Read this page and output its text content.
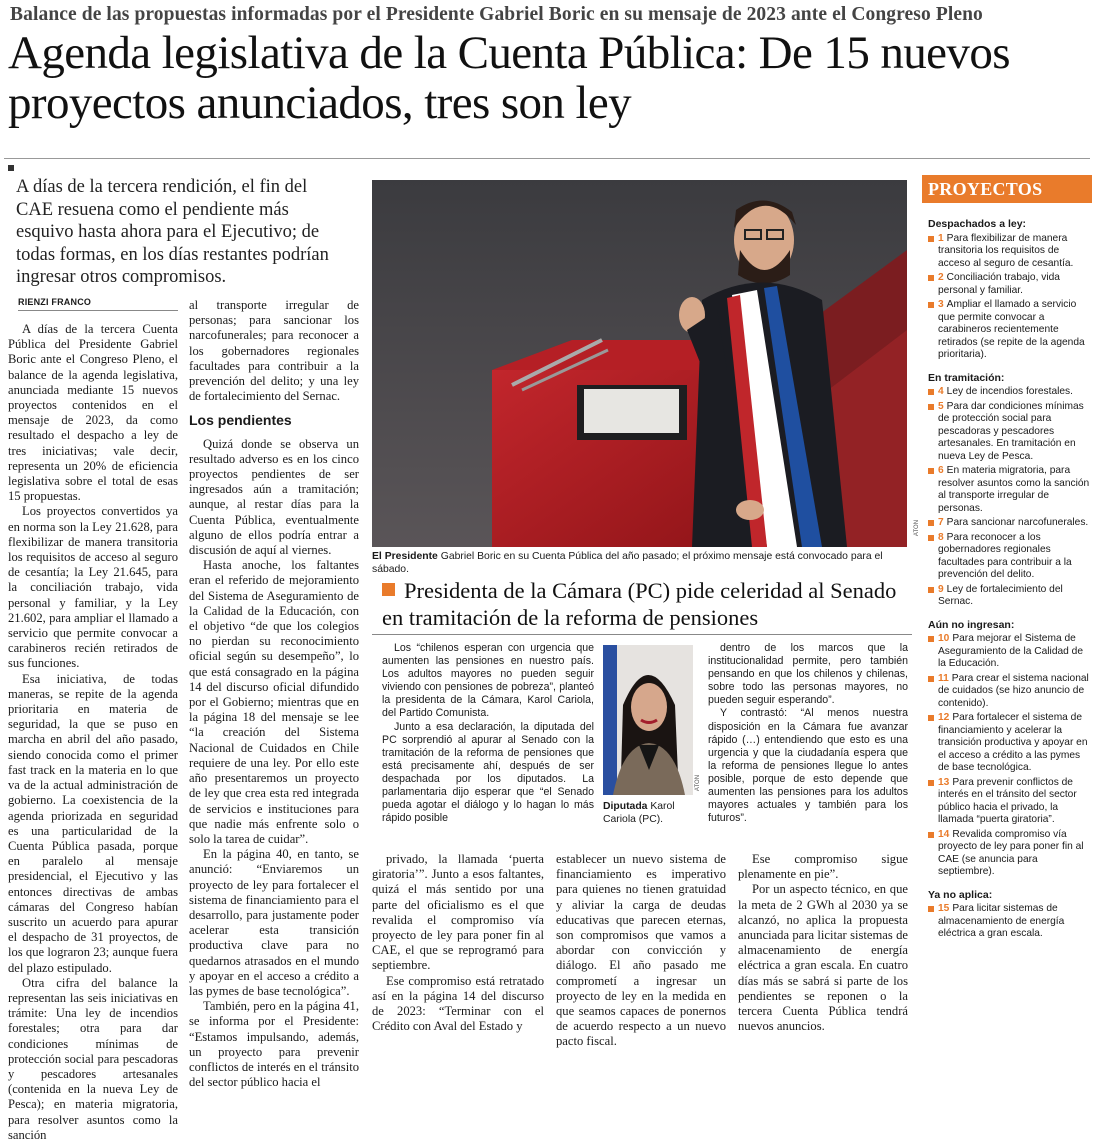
Balance de las propuestas informadas por el Presidente Gabriel Boric en su mensaje de 2023 ante el Congreso Pleno
Agenda legislativa de la Cuenta Pública: De 15 nuevos proyectos anunciados, tres son ley
A días de la tercera rendición, el fin del CAE resuena como el pendiente más esquivo hasta ahora para el Ejecutivo; de todas formas, en los días restantes podrían ingresar otros compromisos.
RIENZI FRANCO

A días de la tercera Cuenta Pública del Presidente Gabriel Boric ante el Congreso Pleno, el balance de la agenda legislativa, anunciada mediante 15 nuevos proyectos contenidos en el mensaje de 2023, da como resultado el despacho a ley de tres iniciativas; vale decir, representa un 20% de eficiencia legislativa sobre el total de esas 15 propuestas.

Los proyectos convertidos ya en norma son la Ley 21.628, para flexibilizar de manera transitoria los requisitos de acceso al seguro de cesantía; la Ley 21.645, para la conciliación trabajo, vida personal y familiar, y la Ley 21.602, para ampliar el llamado a servicio que permite convocar a carabineros recién retirados de sus funciones.

Esa iniciativa, de todas maneras, se repite de la agenda prioritaria en materia de seguridad, la que se puso en marcha en abril del año pasado, siendo conocida como el primer fast track en la materia en lo que va de la actual administración de gobierno. La coexistencia de la agenda priorizada en seguridad es una particularidad de la Cuenta Pública pasada, porque en paralelo al mensaje presidencial, el Ejecutivo y las entonces directivas de ambas cámaras del Congreso habían suscrito un acuerdo para apurar el despacho de 31 proyectos, de los que lograron 23; aunque fuera del plazo estipulado.

Otra cifra del balance la representan las seis iniciativas en trámite: Una ley de incendios forestales; otra para dar condiciones mínimas de protección social para pescadoras y pescadores artesanales (contenida en la nueva Ley de Pesca); en materia migratoria, para resolver asuntos como la sanción

al transporte irregular de personas; para sancionar los narcofunerales; para reconocer a los gobernadores regionales facultades para contribuir a la prevención del delito; y una ley de fortalecimiento del Sernac.

Los pendientes

Quizá donde se observa un resultado adverso es en los cinco proyectos pendientes de ser ingresados aún a tramitación; aunque, al restar días para la Cuenta Pública, eventualmente alguno de ellos podría entrar a discusión de aquí al viernes.

Hasta anoche, los faltantes eran el referido de mejoramiento del Sistema de Aseguramiento de la Calidad de la Educación, con el objetivo “de que los colegios no pierdan su reconocimiento oficial según su desempeño”, lo que está consagrado en la página 14 del discurso oficial difundido por el Gobierno; mientras que en la página 18 del mensaje se lee “la creación del Sistema Nacional de Cuidados en Chile requiere de una ley. Por ello este año presentaremos un proyecto de ley que crea esta red integrada de servicios e instituciones para que nadie más enfrente solo o solo la tarea de cuidar”.

En la página 40, en tanto, se anunció: “Enviaremos un proyecto de ley para fortalecer el sistema de financiamiento para el desarrollo, para justamente poder acelerar esta transición productiva clave para no quedarnos atrasados en el mundo y apoyar en el acceso a crédito a las pymes de base tecnológica”.

También, pero en la página 41, se informa por el Presidente: “Estamos impulsando, además, un proyecto para prevenir conflictos de interés en el tránsito del sector público hacia el

ATON
El Presidente Gabriel Boric en su Cuenta Pública del año pasado; el próximo mensaje está convocado para el sábado.
Presidenta de la Cámara (PC) pide celeridad al Senado en tramitación de la reforma de pensiones

Los “chilenos esperan con urgencia que aumenten las pensiones en nuestro país. Los adultos mayores no pueden seguir viviendo con pensiones de pobreza”, planteó la presidenta de la Cámara, Karol Cariola, del Partido Comunista.

Junto a esa declaración, la diputada del PC sorprendió al apurar al Senado con la tramitación de la reforma de pensiones que está precisamente ahí, después de ser despachada por los diputados. La parlamentaria dijo esperar que “el Senado pueda agotar el diálogo y lo hagan lo más rápido posible

ATON
Diputada Karol Cariola (PC).

dentro de los marcos que la institucionalidad permite, pero también pensando en que los chilenos y chilenas, sobre todo las personas mayores, no pueden seguir esperando”.

Y contrastó: “Al menos nuestra disposición en la Cámara fue avanzar rápido (…) entendiendo que esto es una urgencia y que la ciudadanía espera que la reforma de pensiones llegue lo antes posible, porque de esto depende que aumenten las pensiones para los adultos mayores actuales y también para los futuros”.

privado, la llamada ‘puerta giratoria’”. Junto a esos faltantes, quizá el más sentido por una parte del oficialismo es el que revalida el compromiso vía proyecto de ley para poner fin al CAE, el que se reprogramó para septiembre.

Ese compromiso está retratado así en la página 14 del discurso de 2023: “Terminar con el Crédito con Aval del Estado y

establecer un nuevo sistema de financiamiento es imperativo para quienes no tienen gratuidad y aliviar la carga de deudas educativas que parecen eternas, son compromisos que vamos a abordar con convicción y diálogo. El año pasado me comprometí a ingresar un proyecto de ley en la medida en que seamos capaces de ponernos de acuerdo respecto a un nuevo pacto fiscal.

Ese compromiso sigue plenamente en pie”.

Por un aspecto técnico, en que la meta de 2 GWh al 2030 ya se alcanzó, no aplica la propuesta anunciada para licitar sistemas de almacenamiento de energía eléctrica a gran escala. En cuatro días más se sabrá si parte de los pendientes se reponen o la tercera Cuenta Pública tendrá nuevos anuncios.

PROYECTOS
Despachados a ley:
1 Para flexibilizar de manera transitoria los requisitos de acceso al seguro de cesantía.
2 Conciliación trabajo, vida personal y familiar.
3 Ampliar el llamado a servicio que permite convocar a carabineros recientemente retirados (se repite de la agenda prioritaria).
En tramitación:
4 Ley de incendios forestales.
5 Para dar condiciones mínimas de protección social para pescadoras y pescadores artesanales. En tramitación en nueva Ley de Pesca.
6 En materia migratoria, para resolver asuntos como la sanción al transporte irregular de personas.
7 Para sancionar narcofunerales.
8 Para reconocer a los gobernadores regionales facultades para contribuir a la prevención del delito.
9 Ley de fortalecimiento del Sernac.
Aún no ingresan:
10 Para mejorar el Sistema de Aseguramiento de la Calidad de la Educación.
11 Para crear el sistema nacional de cuidados (se hizo anuncio de contenido).
12 Para fortalecer el sistema de financiamiento y acelerar la transición productiva y apoyar en el acceso a crédito a las pymes de base tecnológica.
13 Para prevenir conflictos de interés en el tránsito del sector público hacia el privado, la llamada “puerta giratoria”.
14 Revalida compromiso vía proyecto de ley para poner fin al CAE (se anuncia para septiembre).
Ya no aplica:
15 Para licitar sistemas de almacenamiento de energía eléctrica a gran escala.
